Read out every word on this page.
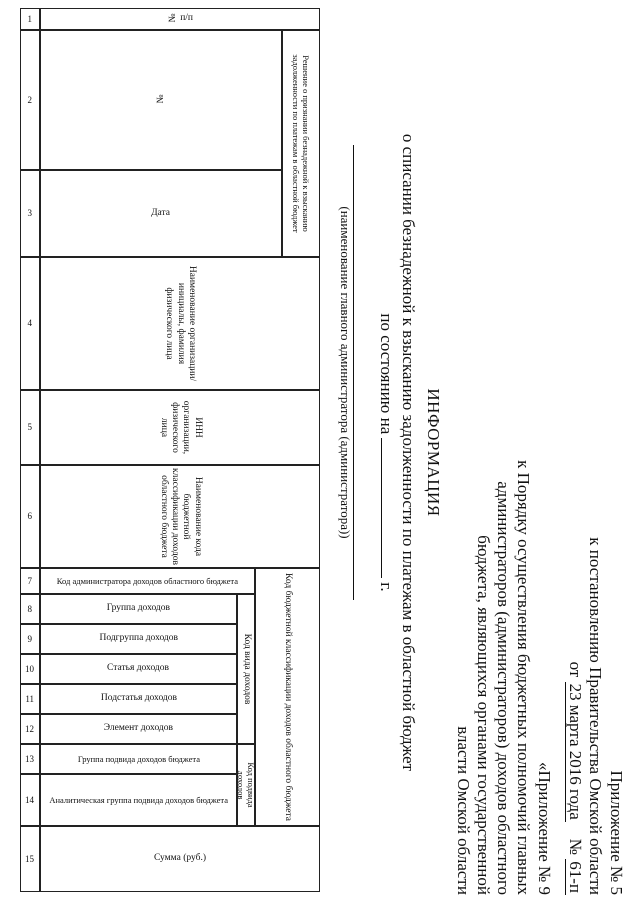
Приложение № 5
к постановлению Правительства Омской области
от 23 марта 2016 года    № 61-п
«Приложение № 9
к Порядку осуществления бюджетных полномочий главных
администраторов (администраторов) доходов областного
бюджета, являющихся органами государственной
власти Омской области
ИНФОРМАЦИЯ
о списании безнадежной к взысканию задолженности по платежам в областной бюджет
по состоянию наг.
(наименование главного администратора (администратора))
№ п/п
Решение о признании безнадежной к взысканию задолженности по платежам в областной бюджет
№
Дата
Наименование организации/ инициалы, фамилия физического лица
ИНН организации, физического лица
Наименование кода бюджетной классификации доходов областного бюджета
Код бюджетной классификации доходов областного бюджета
Код администратора доходов областного бюджета
Код вида доходов
Группа доходов
Подгруппа доходов
Статья доходов
Подстатья доходов
Элемент доходов
Код подвида доходов
Группа подвида доходов бюджета
Аналитическая группа подвида доходов бюджета
Сумма (руб.)
1
2
3
4
5
6
7
8
9
10
11
12
13
14
15
